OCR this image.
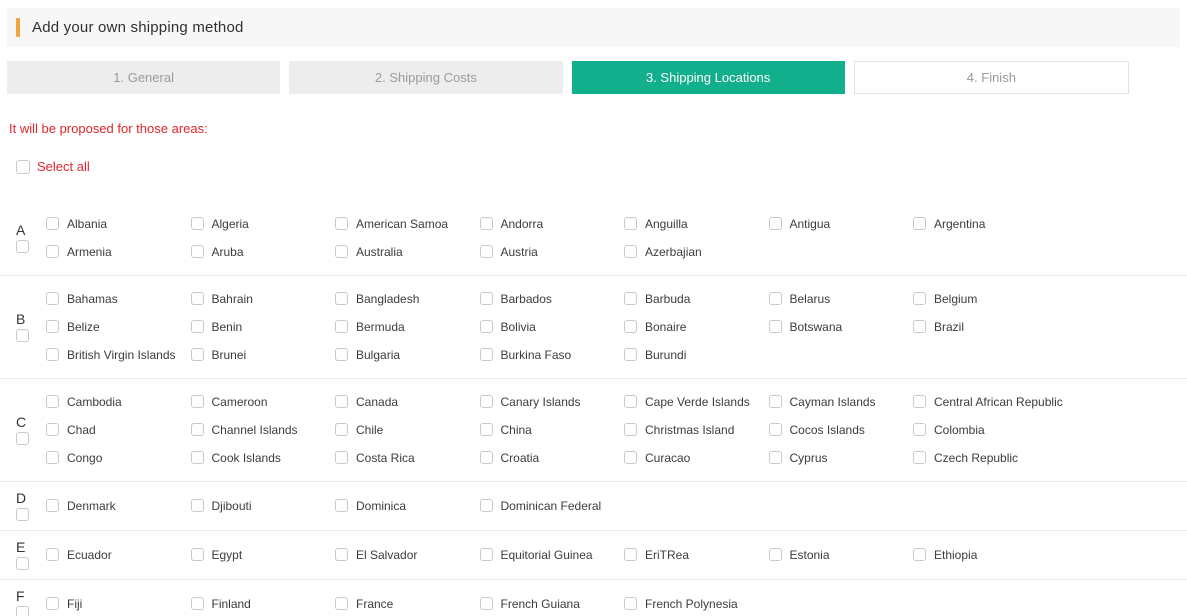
Add your own shipping method
1. General	2. Shipping Costs	3. Shipping Locations	4. Finish

It will be proposed for those areas:

Select all
A	Albania	Algeria	American Samoa	Andorra	Anguilla	Antigua	Argentina
Armenia	Aruba	Australia	Austria	Azerbajian
B
Bahamas	Bahrain	Bangladesh	Barbados	Barbuda	Belarus	Belgium
Belize	Benin	Bermuda	Bolivia	Bonaire	Botswana	Brazil
British Virgin Islands	Brunei	Bulgaria	Burkina Faso	Burundi
C
Cambodia	Cameroon	Canada	Canary Islands	Cape Verde Islands	Cayman Islands	Central African Republic
Chad	Channel Islands	Chile	China	Christmas Island	Cocos Islands	Colombia
Congo	Cook Islands	Costa Rica	Croatia	Curacao	Cyprus	Czech Republic
D	Denmark	Djibouti	Dominica	Dominican Federal
E	Ecuador	Egypt	El Salvador	Equitorial Guinea	EriTRea	Estonia	Ethiopia
F	Fiji	Finland	France	French Guiana	French Polynesia
